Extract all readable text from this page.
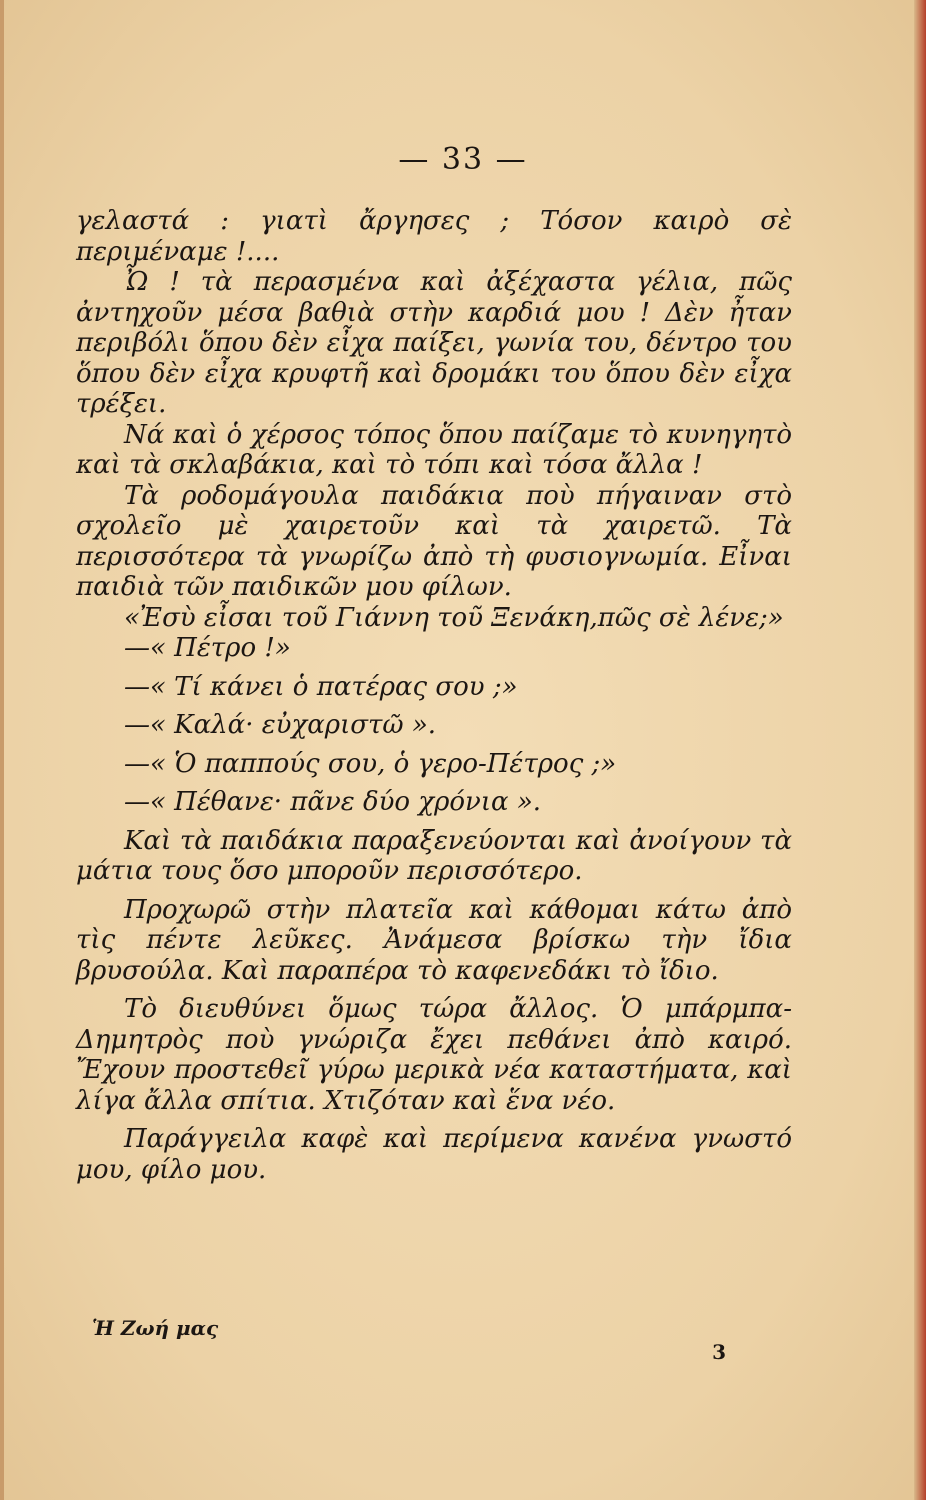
— 33 —

γελαστά : γιατὶ ἄργησες ; Τόσον καιρὸ σὲ περιμέναμε !....

Ὦ ! τὰ περασμένα καὶ ἀξέχαστα γέλια, πῶς ἀντηχοῦν μέσα βαθιὰ στὴν καρδιά μου ! Δὲν ἦταν περιβόλι ὅπου δὲν εἶχα παίξει, γωνία του, δέντρο του ὅπου δὲν εἶχα κρυφτῆ καὶ δρομάκι του ὅπου δὲν εἶχα τρέξει.

Νά καὶ ὁ χέρσος τόπος ὅπου παίζαμε τὸ κυνηγητὸ καὶ τὰ σκλαβάκια, καὶ τὸ τόπι καὶ τόσα ἄλλα !

Τὰ ροδομάγουλα παιδάκια ποὺ πήγαιναν στὸ σχολεῖο μὲ χαιρετοῦν καὶ τὰ χαιρετῶ. Τὰ περισσότερα τὰ γνωρίζω ἀπὸ τὴ φυσιογνωμία. Εἶναι παιδιὰ τῶν παιδικῶν μου φίλων.

«Ἐσὺ εἶσαι τοῦ Γιάννη τοῦ Ξενάκη,πῶς σὲ λένε;»

—« Πέτρο !»

—« Τί κάνει ὁ πατέρας σου ;»

—« Καλά· εὐχαριστῶ ».

—« Ὁ παππούς σου, ὁ γερο-Πέτρος ;»

—« Πέθανε· πᾶνε δύο χρόνια ».

Καὶ τὰ παιδάκια παραξενεύονται καὶ ἀνοίγουν τὰ μάτια τους ὅσο μποροῦν περισσότερο.

Προχωρῶ στὴν πλατεῖα καὶ κάθομαι κάτω ἀπὸ τὶς πέντε λεῦκες. Ἀνάμεσα βρίσκω τὴν ἴδια βρυσούλα. Καὶ παραπέρα τὸ καφενεδάκι τὸ ἴδιο.

Τὸ διευθύνει ὅμως τώρα ἄλλος. Ὁ μπάρμπα-Δημητρὸς ποὺ γνώριζα ἔχει πεθάνει ἀπὸ καιρό. Ἔχουν προστεθεῖ γύρω μερικὰ νέα καταστήματα, καὶ λίγα ἄλλα σπίτια. Χτιζόταν καὶ ἕνα νέο.

Παράγγειλα καφὲ καὶ περίμενα κανένα γνωστό μου, φίλο μου.

Ἡ Ζωή μας
3
